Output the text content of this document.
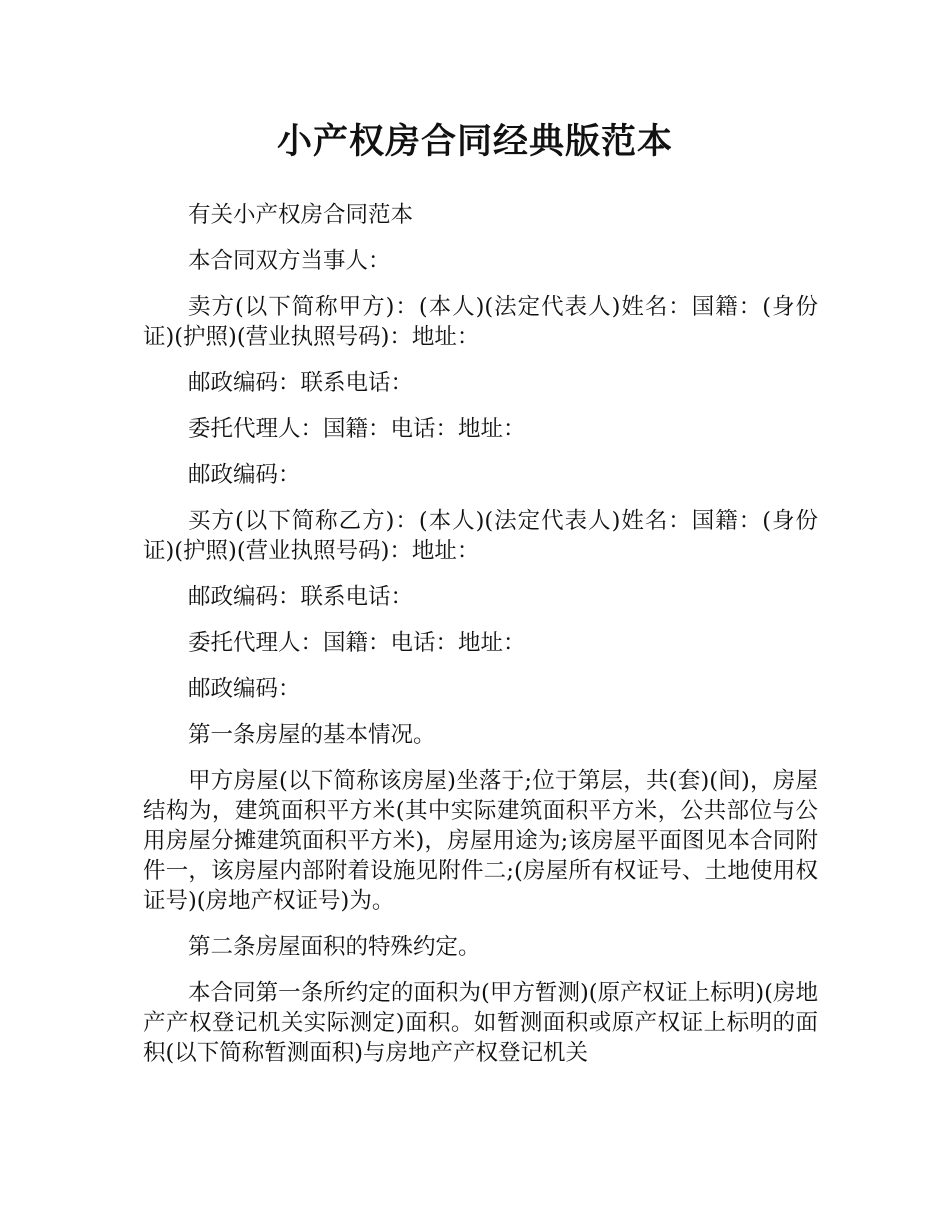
小产权房合同经典版范本

有关小产权房合同范本

本合同双方当事人：

卖方(以下简称甲方)：(本人)(法定代表人)姓名：国籍：(身份证)(护照)(营业执照号码)：地址：

邮政编码：联系电话：

委托代理人：国籍：电话：地址：

邮政编码：

买方(以下简称乙方)：(本人)(法定代表人)姓名：国籍：(身份证)(护照)(营业执照号码)：地址：

邮政编码：联系电话：

委托代理人：国籍：电话：地址：

邮政编码：

第一条房屋的基本情况。

甲方房屋(以下简称该房屋)坐落于;位于第层，共(套)(间)，房屋结构为，建筑面积平方米(其中实际建筑面积平方米，公共部位与公用房屋分摊建筑面积平方米)，房屋用途为;该房屋平面图见本合同附件一，该房屋内部附着设施见附件二;(房屋所有权证号、土地使用权证号)(房地产权证号)为。

第二条房屋面积的特殊约定。

本合同第一条所约定的面积为(甲方暂测)(原产权证上标明)(房地产产权登记机关实际测定)面积。如暂测面积或原产权证上标明的面积(以下简称暂测面积)与房地产产权登记机关
